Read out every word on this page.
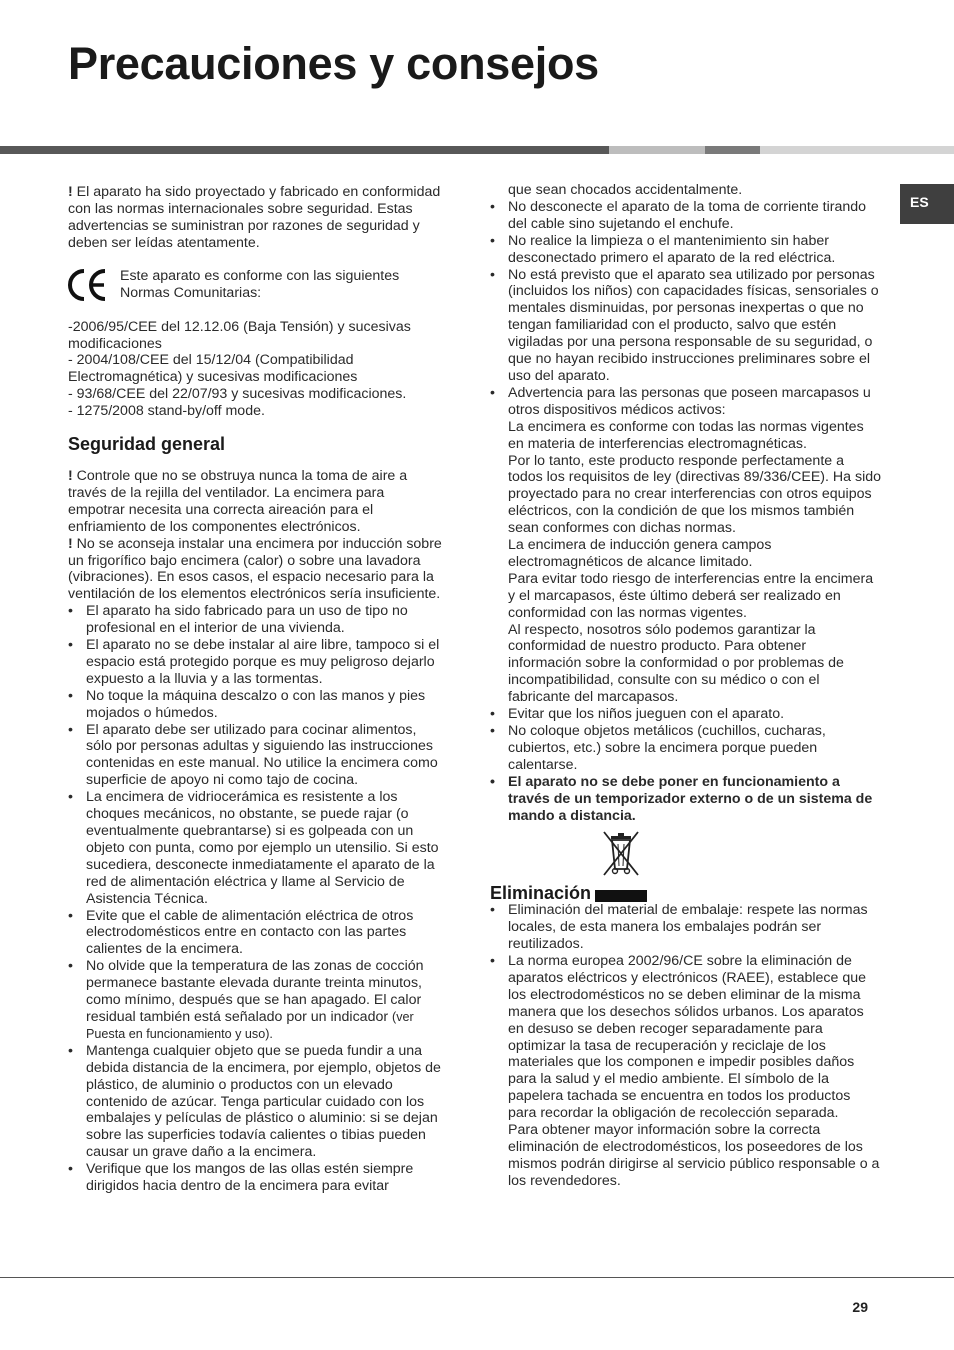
Precauciones y consejos
ES

! El aparato ha sido proyectado y fabricado en conformidad con las normas internacionales sobre seguridad. Estas advertencias se suministran por razones de seguridad y deben ser leídas atentamente.

Este aparato es conforme con las siguientes Normas Comunitarias:

-2006/95/CEE del 12.12.06 (Baja Tensión) y sucesivas modificaciones

- 2004/108/CEE del 15/12/04 (Compatibilidad Electromagnética) y sucesivas modificaciones

- 93/68/CEE del 22/07/93 y sucesivas modificaciones.

- 1275/2008 stand-by/off mode.

Seguridad general

! Controle que no se obstruya nunca la toma de aire a través de la rejilla del ventilador. La encimera para empotrar necesita una correcta aireación para el enfriamiento de los componentes electrónicos.

! No se aconseja instalar una encimera por inducción sobre un frigorífico bajo encimera (calor) o sobre una lavadora (vibraciones). En esos casos, el espacio necesario para la ventilación de los elementos electrónicos sería insuficiente.

• El aparato ha sido fabricado para un uso de tipo no profesional en el interior de una vivienda.
• El aparato no se debe instalar al aire libre, tampoco si el espacio está protegido porque es muy peligroso dejarlo expuesto a la lluvia y a las tormentas.
• No toque la máquina descalzo o con las manos y pies mojados o húmedos.
• El aparato debe ser utilizado para cocinar alimentos, sólo por personas adultas y siguiendo las instrucciones contenidas en este manual. No utilice la encimera como superficie de apoyo ni como tajo de cocina.
• La encimera de vidriocerámica es resistente a los choques mecánicos, no obstante, se puede rajar (o eventualmente quebrantarse) si es golpeada con un objeto con punta, como por ejemplo un utensilio. Si esto sucediera, desconecte inmediatamente el aparato de la red de alimentación eléctrica y llame al Servicio de Asistencia Técnica.
• Evite que el cable de alimentación eléctrica de otros electrodomésticos entre en contacto con las partes calientes de la encimera.
• No olvide que la temperatura de las zonas de cocción permanece bastante elevada durante treinta minutos, como mínimo, después que se han apagado. El calor residual también está señalado por un indicador (ver Puesta en funcionamiento y uso).
• Mantenga cualquier objeto que se pueda fundir a una debida distancia de la encimera, por ejemplo, objetos de plástico, de aluminio o productos con un elevado contenido de azúcar. Tenga particular cuidado con los embalajes y películas de plástico o aluminio: si se dejan sobre las superficies todavía calientes o tibias pueden causar un grave daño a la encimera.
• Verifique que los mangos de las ollas estén siempre dirigidos hacia dentro de la encimera para evitar

que sean chocados accidentalmente.

• No desconecte el aparato de la toma de corriente tirando del cable sino sujetando el enchufe.
• No realice la limpieza o el mantenimiento sin haber desconectado primero el aparato de la red eléctrica.
• No está previsto que el aparato sea utilizado por personas (incluidos los niños) con capacidades físicas, sensoriales o mentales disminuidas, por personas inexpertas o que no tengan familiaridad con el producto, salvo que estén vigiladas por una persona responsable de su seguridad, o que no hayan recibido instrucciones preliminares sobre el uso del aparato.
• Advertencia para las personas que poseen marcapasos u otros dispositivos médicos activos:
La encimera es conforme con todas las normas vigentes en materia de interferencias electromagnéticas.
Por lo tanto, este producto responde perfectamente a todos los requisitos de ley (directivas 89/336/CEE). Ha sido proyectado para no crear interferencias con otros equipos eléctricos, con la condición de que los mismos también sean conformes con dichas normas.
La encimera de inducción genera campos electromagnéticos de alcance limitado.
Para evitar todo riesgo de interferencias entre la encimera y el marcapasos, éste último deberá ser realizado en conformidad con las normas vigentes.
Al respecto, nosotros sólo podemos garantizar la conformidad de nuestro producto. Para obtener información sobre la conformidad o por problemas de incompatibilidad, consulte con su médico o con el fabricante del marcapasos.
• Evitar que los niños jueguen con el aparato.
• No coloque objetos metálicos (cuchillos, cucharas, cubiertos, etc.) sobre la encimera porque pueden calentarse.
• El aparato no se debe poner en funcionamiento a través de un temporizador externo o de un sistema de mando a distancia.
Eliminación
• Eliminación del material de embalaje: respete las normas locales, de esta manera los embalajes podrán ser reutilizados.
• La norma europea 2002/96/CE sobre la eliminación de aparatos eléctricos y electrónicos (RAEE), establece que los electrodomésticos no se deben eliminar de la misma manera que los desechos sólidos urbanos. Los aparatos en desuso se deben recoger separadamente para optimizar la tasa de recuperación y reciclaje de los materiales que los componen e impedir posibles daños para la salud y el medio ambiente. El símbolo de la papelera tachada se encuentra en todos los productos para recordar la obligación de recolección separada.
Para obtener mayor información sobre la correcta eliminación de electrodomésticos, los poseedores de los mismos podrán dirigirse al servicio público responsable o a los revendedores.
29
